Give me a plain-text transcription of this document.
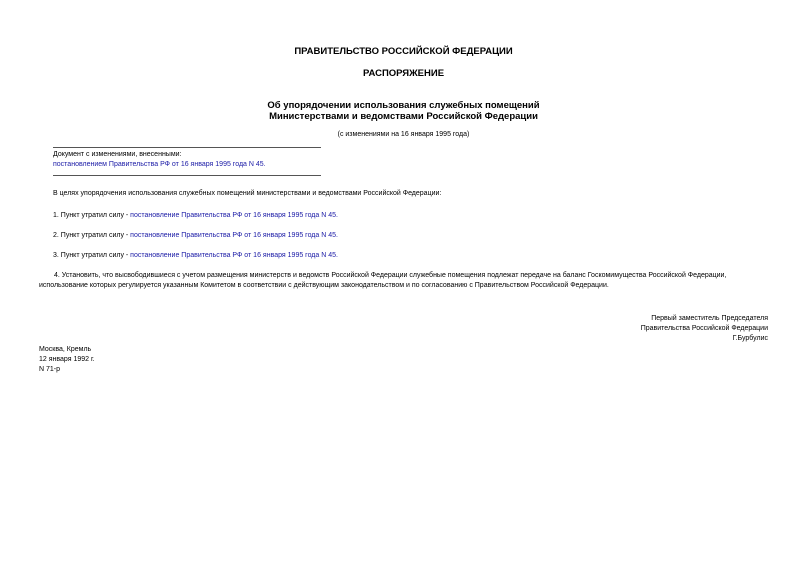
ПРАВИТЕЛЬСТВО РОССИЙСКОЙ ФЕДЕРАЦИИ
РАСПОРЯЖЕНИЕ
Об упорядочении использования служебных помещений
Министерствами и ведомствами Российской Федерации
(с изменениями на 16 января 1995 года)
Документ с изменениями, внесенными:
постановлением Правительства РФ от 16 января 1995 года N 45.
В целях упорядочения использования служебных помещений министерствами и ведомствами Российской Федерации:
1. Пункт утратил силу - постановление Правительства РФ от 16 января 1995 года N 45.
2. Пункт утратил силу - постановление Правительства РФ от 16 января 1995 года N 45.
3. Пункт утратил силу - постановление Правительства РФ от 16 января 1995 года N 45.
4. Установить, что высвободившиеся с учетом размещения министерств и ведомств Российской Федерации служебные помещения подлежат передаче на баланс Госкомимущества Российской Федерации, использование которых регулируется указанным Комитетом в соответствии с действующим законодательством и по согласованию с Правительством Российской Федерации.
Первый заместитель Председателя
Правительства Российской Федерации
Г.Бурбулис
Москва, Кремль
12 января 1992 г.
N 71-р
